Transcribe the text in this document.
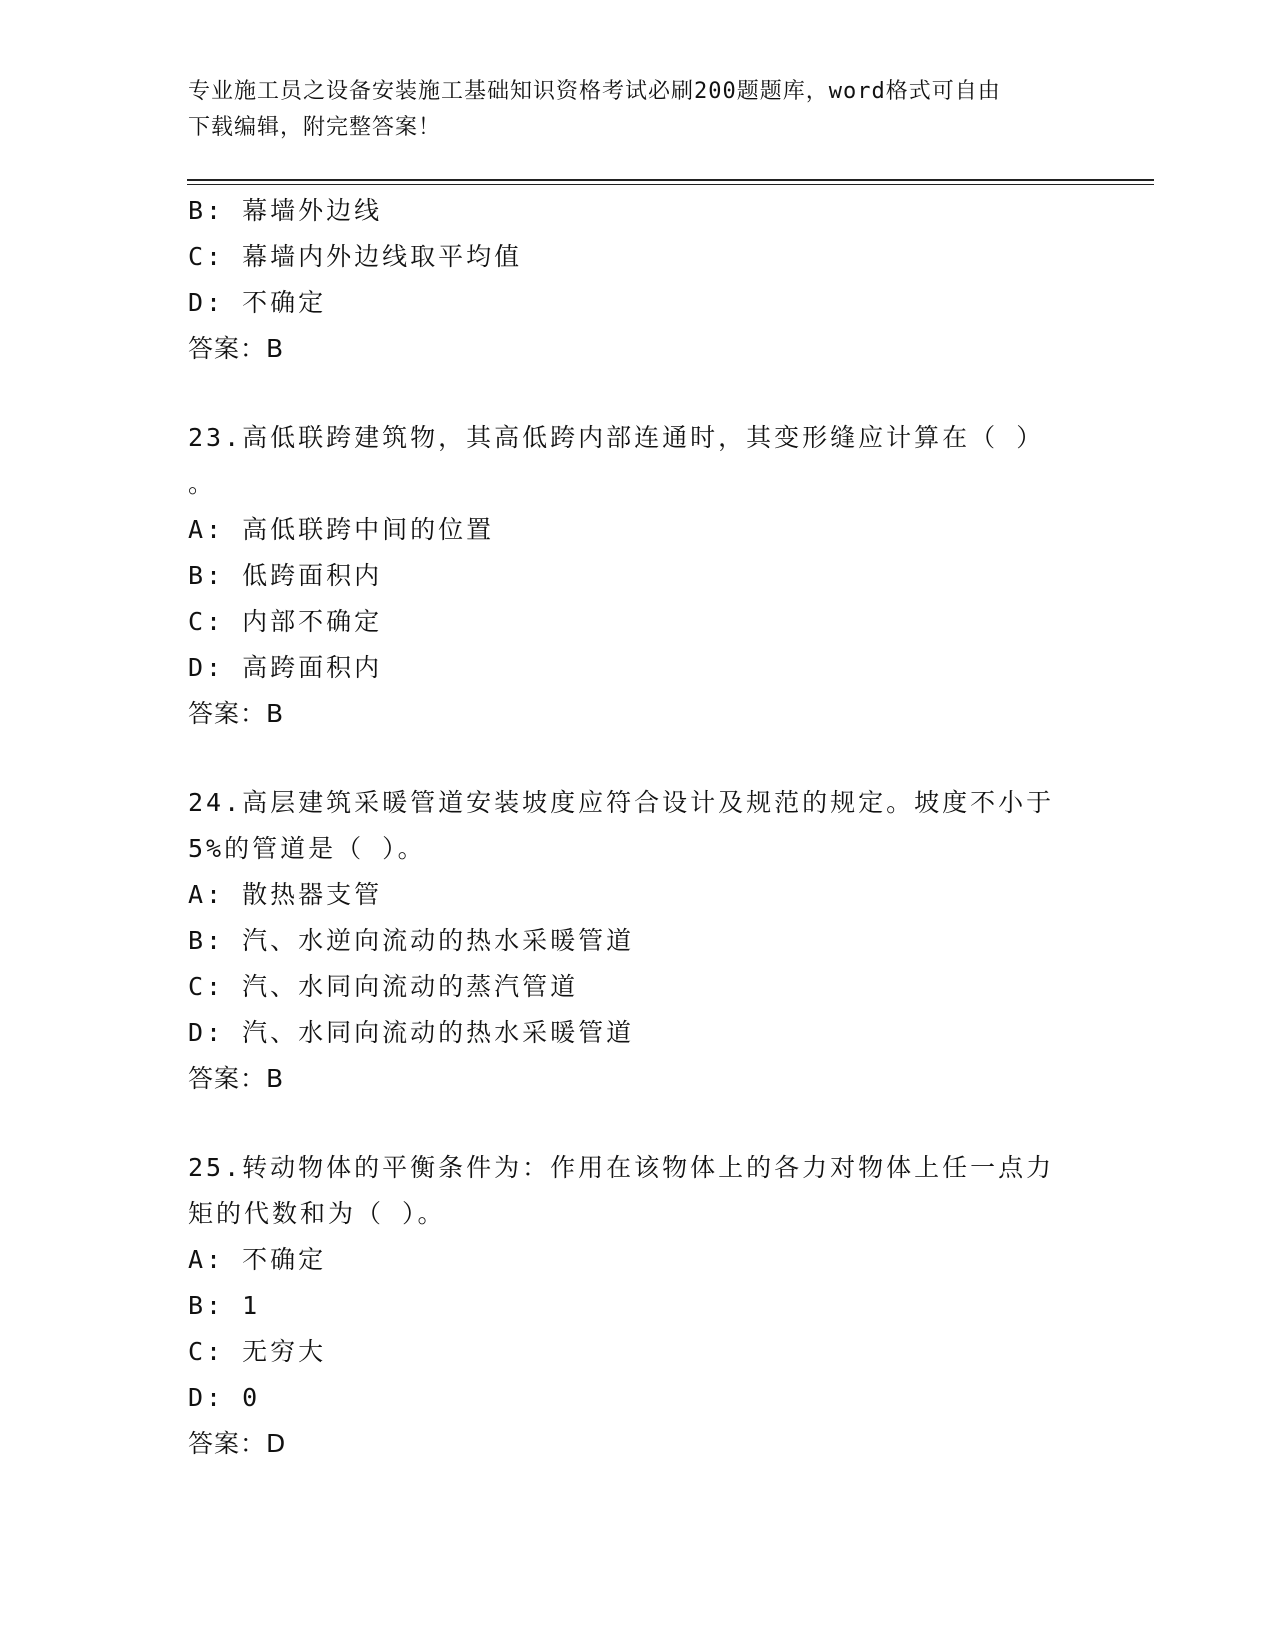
专业施工员之设备安装施工基础知识资格考试必刷200题题库，word格式可自由
下载编辑，附完整答案！
B: 幕墙外边线
C: 幕墙内外边线取平均值
D: 不确定
答案：B
23.高低联跨建筑物，其高低跨内部连通时，其变形缝应计算在（ ）
。
A: 高低联跨中间的位置
B: 低跨面积内
C: 内部不确定
D: 高跨面积内
答案：B
24.高层建筑采暖管道安装坡度应符合设计及规范的规定。坡度不小于
5%的管道是（ ）。
A: 散热器支管
B: 汽、水逆向流动的热水采暖管道
C: 汽、水同向流动的蒸汽管道
D: 汽、水同向流动的热水采暖管道
答案：B
25.转动物体的平衡条件为：作用在该物体上的各力对物体上任一点力
矩的代数和为（ ）。
A: 不确定
B: 1
C: 无穷大
D: 0
答案：D
